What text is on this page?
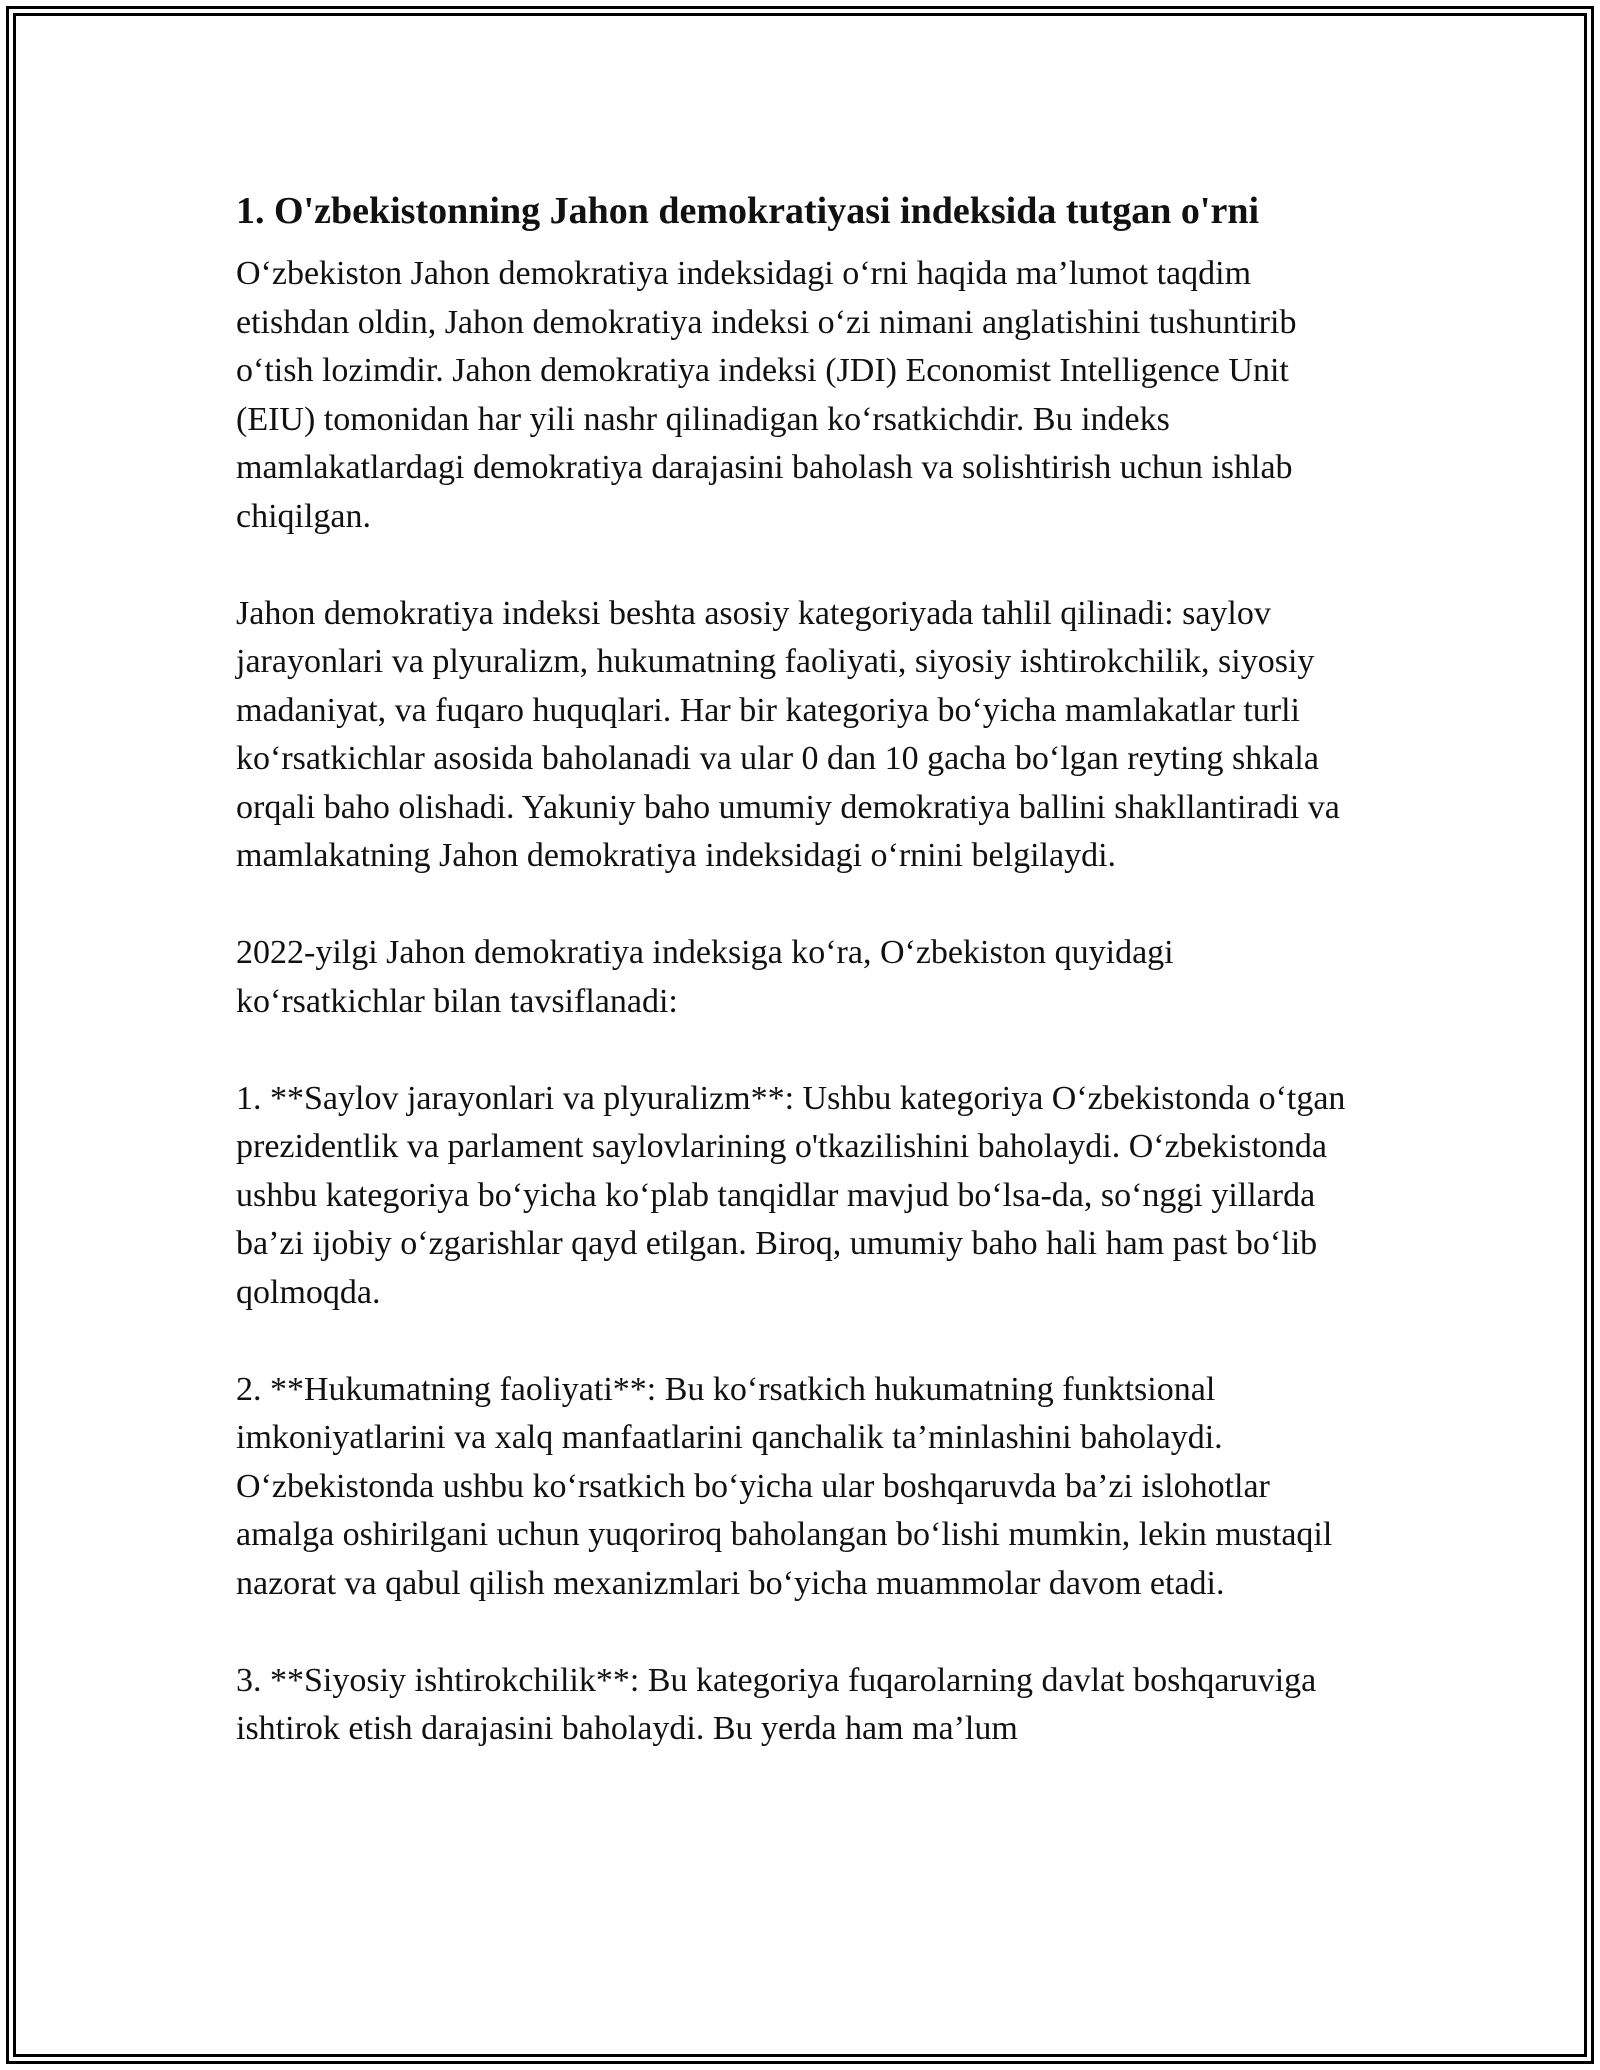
1. O'zbekistonning Jahon demokratiyasi indeksida tutgan o'rni

O‘zbekiston Jahon demokratiya indeksidagi o‘rni haqida ma’lumot taqdim etishdan oldin, Jahon demokratiya indeksi o‘zi nimani anglatishini tushuntirib o‘tish lozimdir. Jahon demokratiya indeksi (JDI) Economist Intelligence Unit (EIU) tomonidan har yili nashr qilinadigan ko‘rsatkichdir. Bu indeks mamlakatlardagi demokratiya darajasini baholash va solishtirish uchun ishlab chiqilgan.

Jahon demokratiya indeksi beshta asosiy kategoriyada tahlil qilinadi: saylov jarayonlari va plyuralizm, hukumatning faoliyati, siyosiy ishtirokchilik, siyosiy madaniyat, va fuqaro huquqlari. Har bir kategoriya bo‘yicha mamlakatlar turli ko‘rsatkichlar asosida baholanadi va ular 0 dan 10 gacha bo‘lgan reyting shkala orqali baho olishadi. Yakuniy baho umumiy demokratiya ballini shakllantiradi va mamlakatning Jahon demokratiya indeksidagi o‘rnini belgilaydi.

2022-yilgi Jahon demokratiya indeksiga ko‘ra, O‘zbekiston quyidagi ko‘rsatkichlar bilan tavsiflanadi:

1. **Saylov jarayonlari va plyuralizm**: Ushbu kategoriya O‘zbekistonda o‘tgan prezidentlik va parlament saylovlarining o'tkazilishini baholaydi. O‘zbekistonda ushbu kategoriya bo‘yicha ko‘plab tanqidlar mavjud bo‘lsa-da, so‘nggi yillarda ba’zi ijobiy o‘zgarishlar qayd etilgan. Biroq, umumiy baho hali ham past bo‘lib qolmoqda.

2. **Hukumatning faoliyati**: Bu ko‘rsatkich hukumatning funktsional imkoniyatlarini va xalq manfaatlarini qanchalik ta’minlashini baholaydi. O‘zbekistonda ushbu ko‘rsatkich bo‘yicha ular boshqaruvda ba’zi islohotlar amalga oshirilgani uchun yuqoriroq baholangan bo‘lishi mumkin, lekin mustaqil nazorat va qabul qilish mexanizmlari bo‘yicha muammolar davom etadi.

3. **Siyosiy ishtirokchilik**: Bu kategoriya fuqarolarning davlat boshqaruviga ishtirok etish darajasini baholaydi. Bu yerda ham ma’lum
